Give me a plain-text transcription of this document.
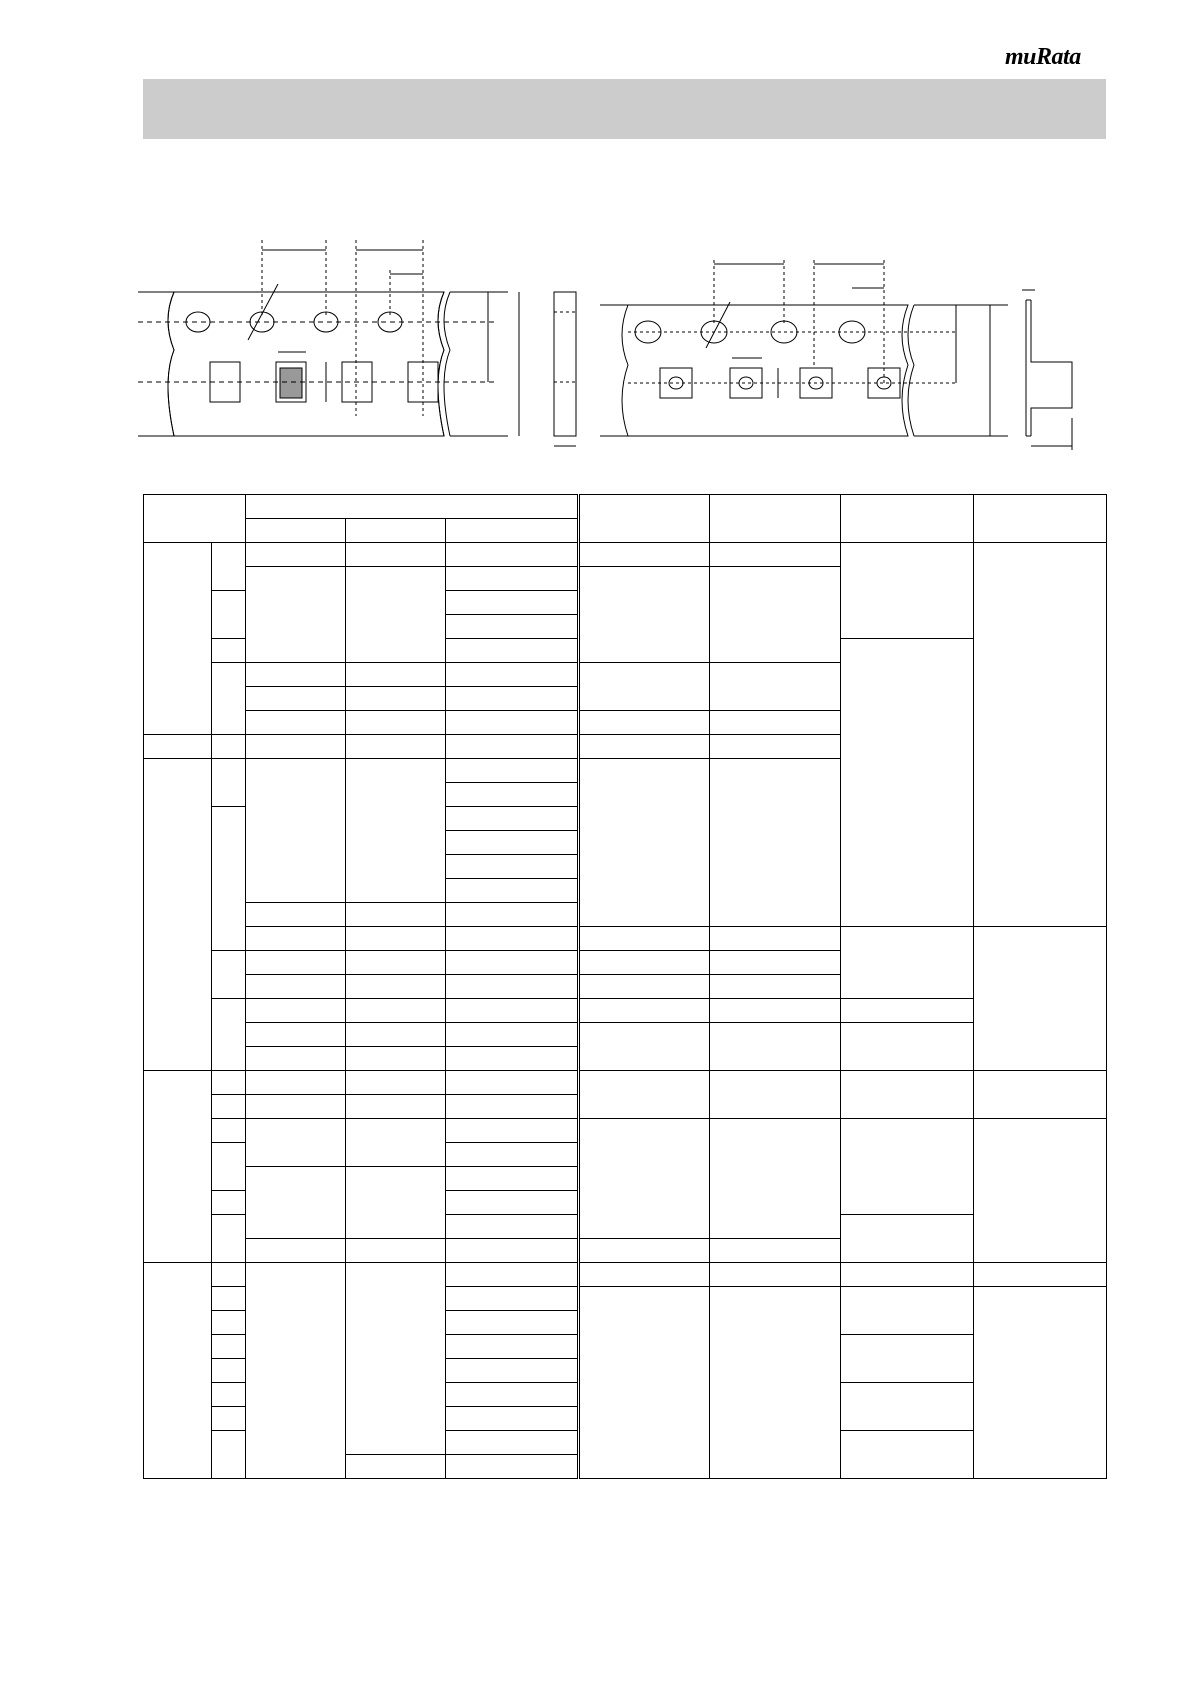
muRata
